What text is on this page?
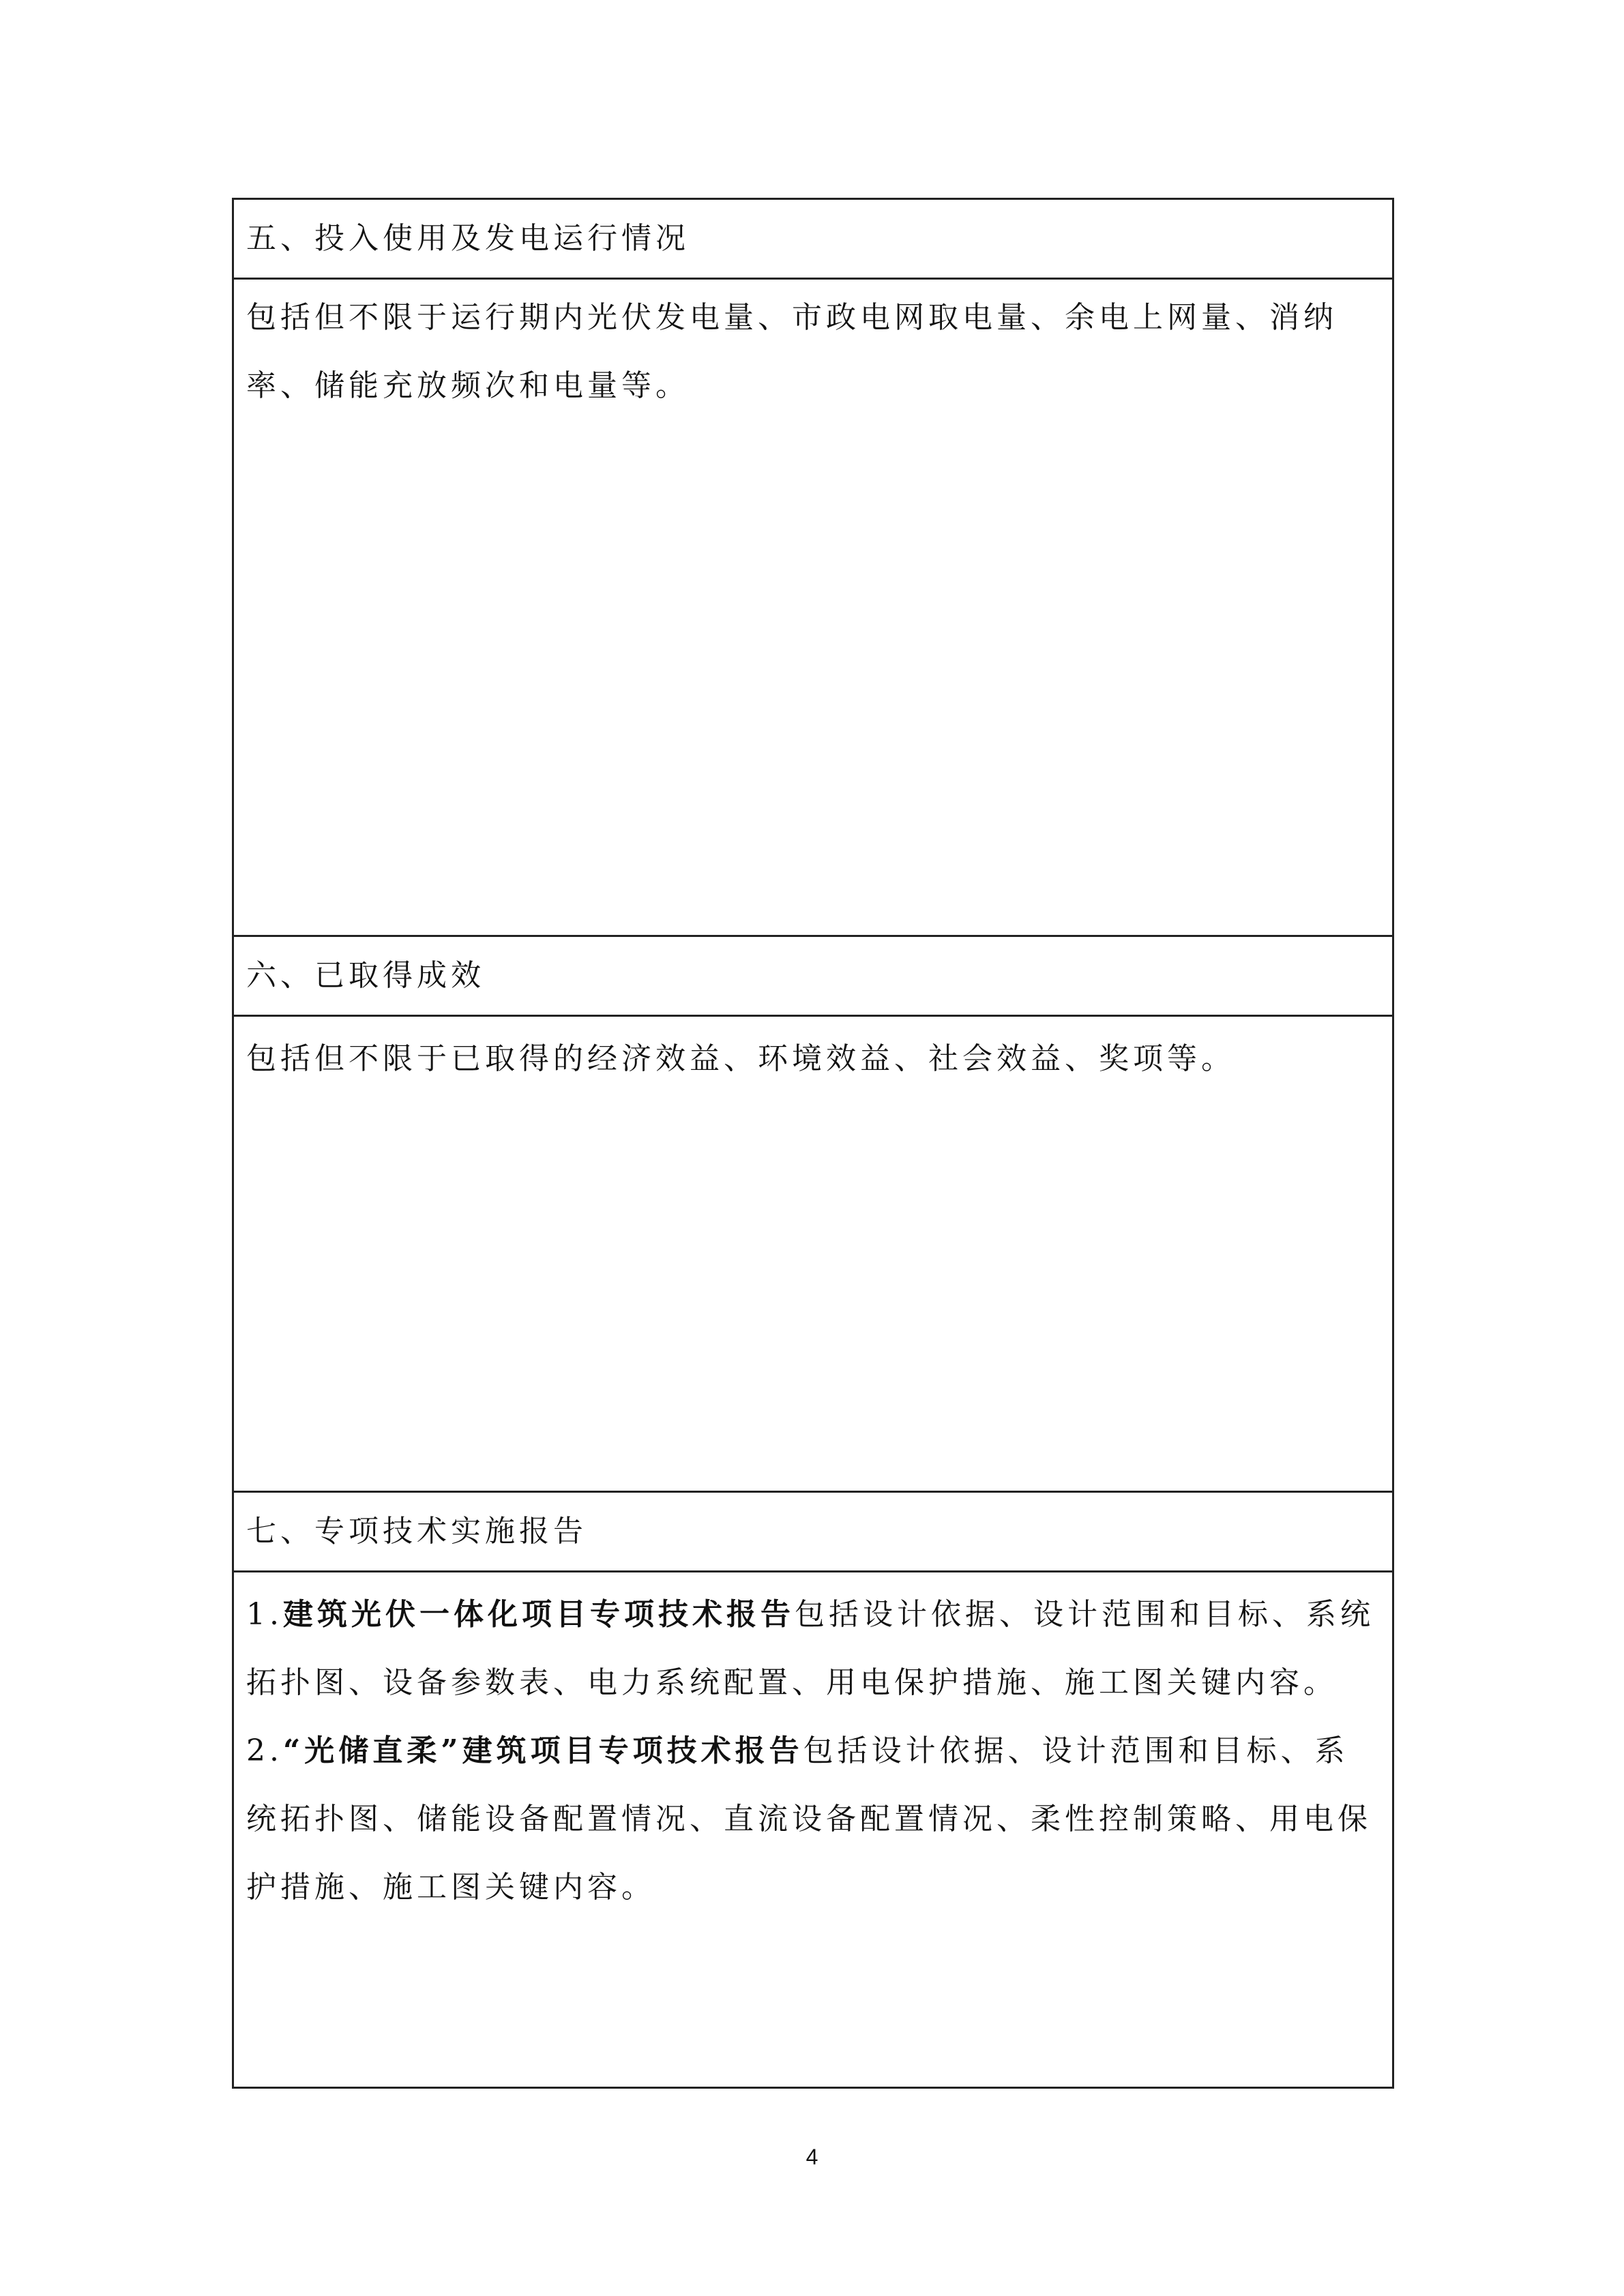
五、投入使用及发电运行情况

包括但不限于运行期内光伏发电量、市政电网取电量、余电上网量、消纳率、储能充放频次和电量等。

六、已取得成效

包括但不限于已取得的经济效益、环境效益、社会效益、奖项等。

七、专项技术实施报告

1.建筑光伏一体化项目专项技术报告包括设计依据、设计范围和目标、系统拓扑图、设备参数表、电力系统配置、用电保护措施、施工图关键内容。

2.“光储直柔”建筑项目专项技术报告包括设计依据、设计范围和目标、系统拓扑图、储能设备配置情况、直流设备配置情况、柔性控制策略、用电保护措施、施工图关键内容。

4
